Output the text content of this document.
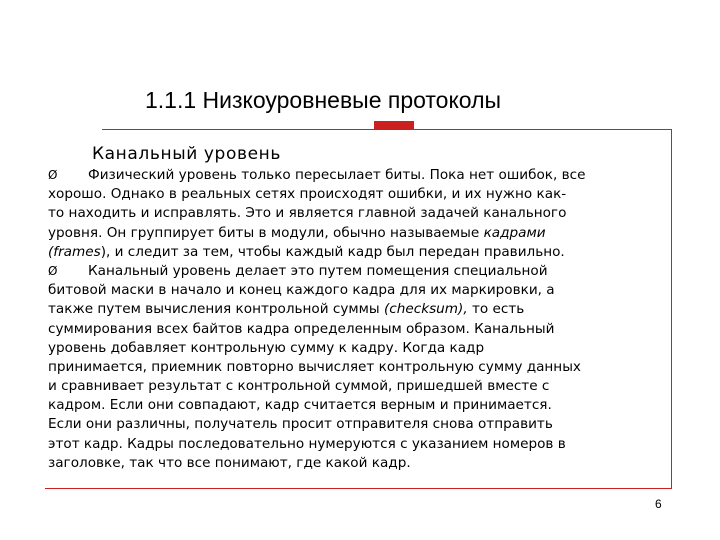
1.1.1 Низкоуровневые протоколы
Канальный уровень
Ø Физический уровень только пересылает биты. Пока нет ошибок, все
хорошо. Однако в реальных сетях происходят ошибки, и их нужно как-
то находить и исправлять. Это и является главной задачей канального
уровня. Он группирует биты в модули, обычно называемые кадрами
(frames), и следит за тем, чтобы каждый кадр был передан правильно.
Ø Канальный уровень делает это путем помещения специальной
битовой маски в начало и конец каждого кадра для их маркировки, а
также путем вычисления контрольной суммы (checksum), то есть
суммирования всех байтов кадра определенным образом. Канальный
уровень добавляет контрольную сумму к кадру. Когда кадр
принимается, приемник повторно вычисляет контрольную сумму данных
и сравнивает результат с контрольной суммой, пришедшей вместе с
кадром. Если они совпадают, кадр считается верным и принимается.
Если они различны, получатель просит отправителя снова отправить
этот кадр. Кадры последовательно нумеруются с указанием номеров в
заголовке, так что все понимают, где какой кадр.
6
